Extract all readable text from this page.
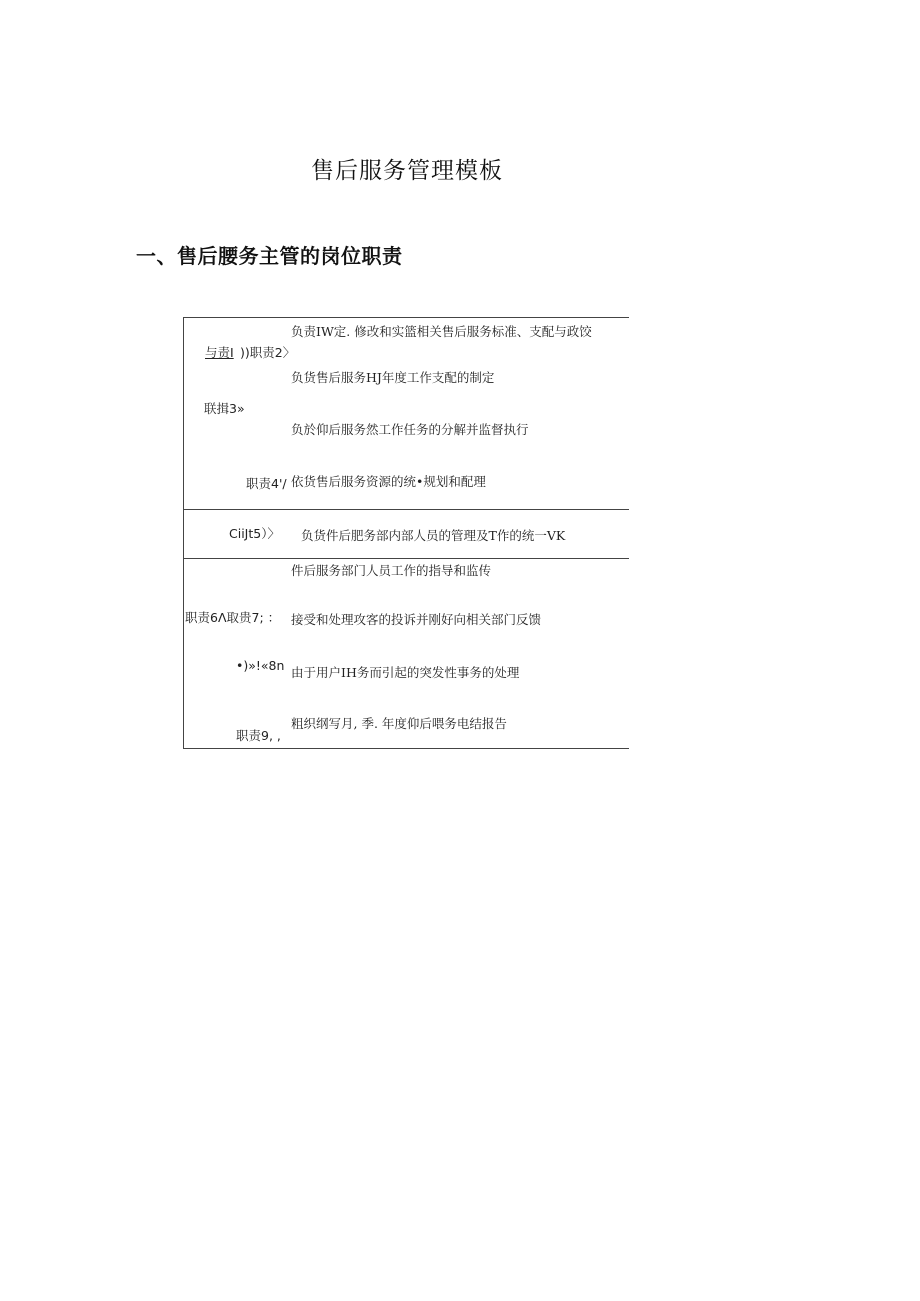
售后服务管理模板
一、售后腰务主管的岗位职责
与责I ))职责2〉
联揖3»
职责4'/
CiiJt5）〉
职责6Λ取贵7; ：
•)»!«8n
职责9, ,
负责IW定. 修改和实篮相关售后服务标准、支配与政饺
负货售后服务HJ年度工作支配的制定
负於仰后服务然工作任务的分解并监督执行
依货售后服务资源的统•规划和配理
负货件后肥务部内部人员的管理及T作的统一VK
件后服务部门人员工作的指导和监传
接受和处理攻客的投诉并刚好向相关部门反馈
由于用户IH务而引起的突发性事务的处理
粗织纲写月, 季. 年度仰后喂务电结报告
